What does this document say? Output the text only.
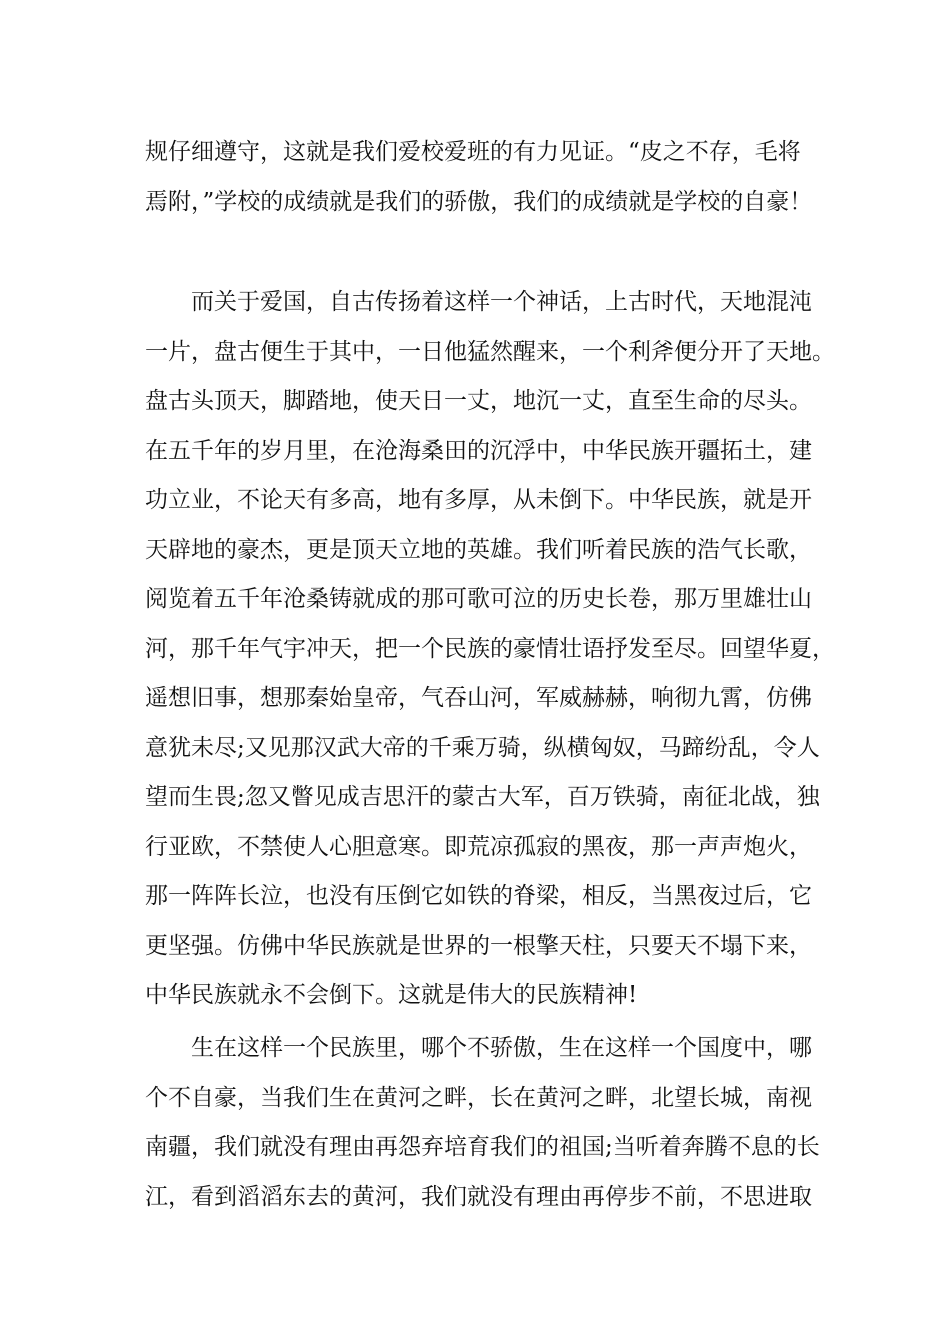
规仔细遵守，这就是我们爱校爱班的有力见证。“皮之不存，毛将
焉附，”学校的成绩就是我们的骄傲，我们的成绩就是学校的自豪！
　　而关于爱国，自古传扬着这样一个神话，上古时代，天地混沌
一片，盘古便生于其中，一日他猛然醒来，一个利斧便分开了天地。
盘古头顶天，脚踏地，使天日一丈，地沉一丈，直至生命的尽头。
在五千年的岁月里，在沧海桑田的沉浮中，中华民族开疆拓土，建
功立业，不论天有多高，地有多厚，从未倒下。中华民族，就是开
天辟地的豪杰，更是顶天立地的英雄。我们听着民族的浩气长歌，
阅览着五千年沧桑铸就成的那可歌可泣的历史长卷，那万里雄壮山
河，那千年气宇冲天，把一个民族的豪情壮语抒发至尽。回望华夏，
遥想旧事，想那秦始皇帝，气吞山河，军威赫赫，响彻九霄，仿佛
意犹未尽;又见那汉武大帝的千乘万骑，纵横匈奴，马蹄纷乱，令人
望而生畏;忽又瞥见成吉思汗的蒙古大军，百万铁骑，南征北战，独
行亚欧，不禁使人心胆意寒。即荒凉孤寂的黑夜，那一声声炮火，
那一阵阵长泣，也没有压倒它如铁的脊梁，相反，当黑夜过后，它
更坚强。仿佛中华民族就是世界的一根擎天柱，只要天不塌下来，
中华民族就永不会倒下。这就是伟大的民族精神!
　　生在这样一个民族里，哪个不骄傲，生在这样一个国度中，哪
个不自豪，当我们生在黄河之畔，长在黄河之畔，北望长城，南视
南疆，我们就没有理由再怨弃培育我们的祖国;当听着奔腾不息的长
江，看到滔滔东去的黄河，我们就没有理由再停步不前，不思进取
